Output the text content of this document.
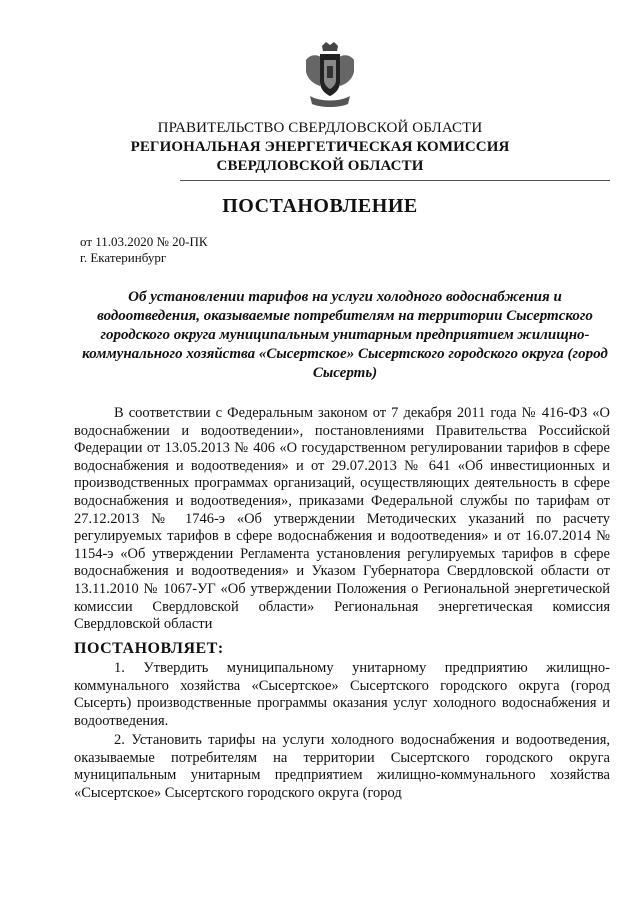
ПРАВИТЕЛЬСТВО СВЕРДЛОВСКОЙ ОБЛАСТИ
РЕГИОНАЛЬНАЯ ЭНЕРГЕТИЧЕСКАЯ КОМИССИЯ
СВЕРДЛОВСКОЙ ОБЛАСТИ
ПОСТАНОВЛЕНИЕ
от 11.03.2020 № 20-ПК
г. Екатеринбург
Об установлении тарифов на услуги холодного водоснабжения и водоотведения, оказываемые потребителям на территории Сысертского городского округа муниципальным унитарным предприятием жилищно-коммунального хозяйства «Сысертское» Сысертского городского округа (город Сысерть)
В соответствии с Федеральным законом от 7 декабря 2011 года № 416-ФЗ «О водоснабжении и водоотведении», постановлениями Правительства Российской Федерации от 13.05.2013 № 406 «О государственном регулировании тарифов в сфере водоснабжения и водоотведения» и от 29.07.2013 № 641 «Об инвестиционных и производственных программах организаций, осуществляющих деятельность в сфере водоснабжения и водоотведения», приказами Федеральной службы по тарифам от 27.12.2013 № 1746-э «Об утверждении Методических указаний по расчету регулируемых тарифов в сфере водоснабжения и водоотведения» и от 16.07.2014 № 1154-э «Об утверждении Регламента установления регулируемых тарифов в сфере водоснабжения и водоотведения» и Указом Губернатора Свердловской области от 13.11.2010 № 1067-УГ «Об утверждении Положения о Региональной энергетической комиссии Свердловской области» Региональная энергетическая комиссия Свердловской области
ПОСТАНОВЛЯЕТ:
1. Утвердить муниципальному унитарному предприятию жилищно-коммунального хозяйства «Сысертское» Сысертского городского округа (город Сысерть) производственные программы оказания услуг холодного водоснабжения и водоотведения.
2. Установить тарифы на услуги холодного водоснабжения и водоотведения, оказываемые потребителям на территории Сысертского городского округа муниципальным унитарным предприятием жилищно-коммунального хозяйства «Сысертское» Сысертского городского округа (город
